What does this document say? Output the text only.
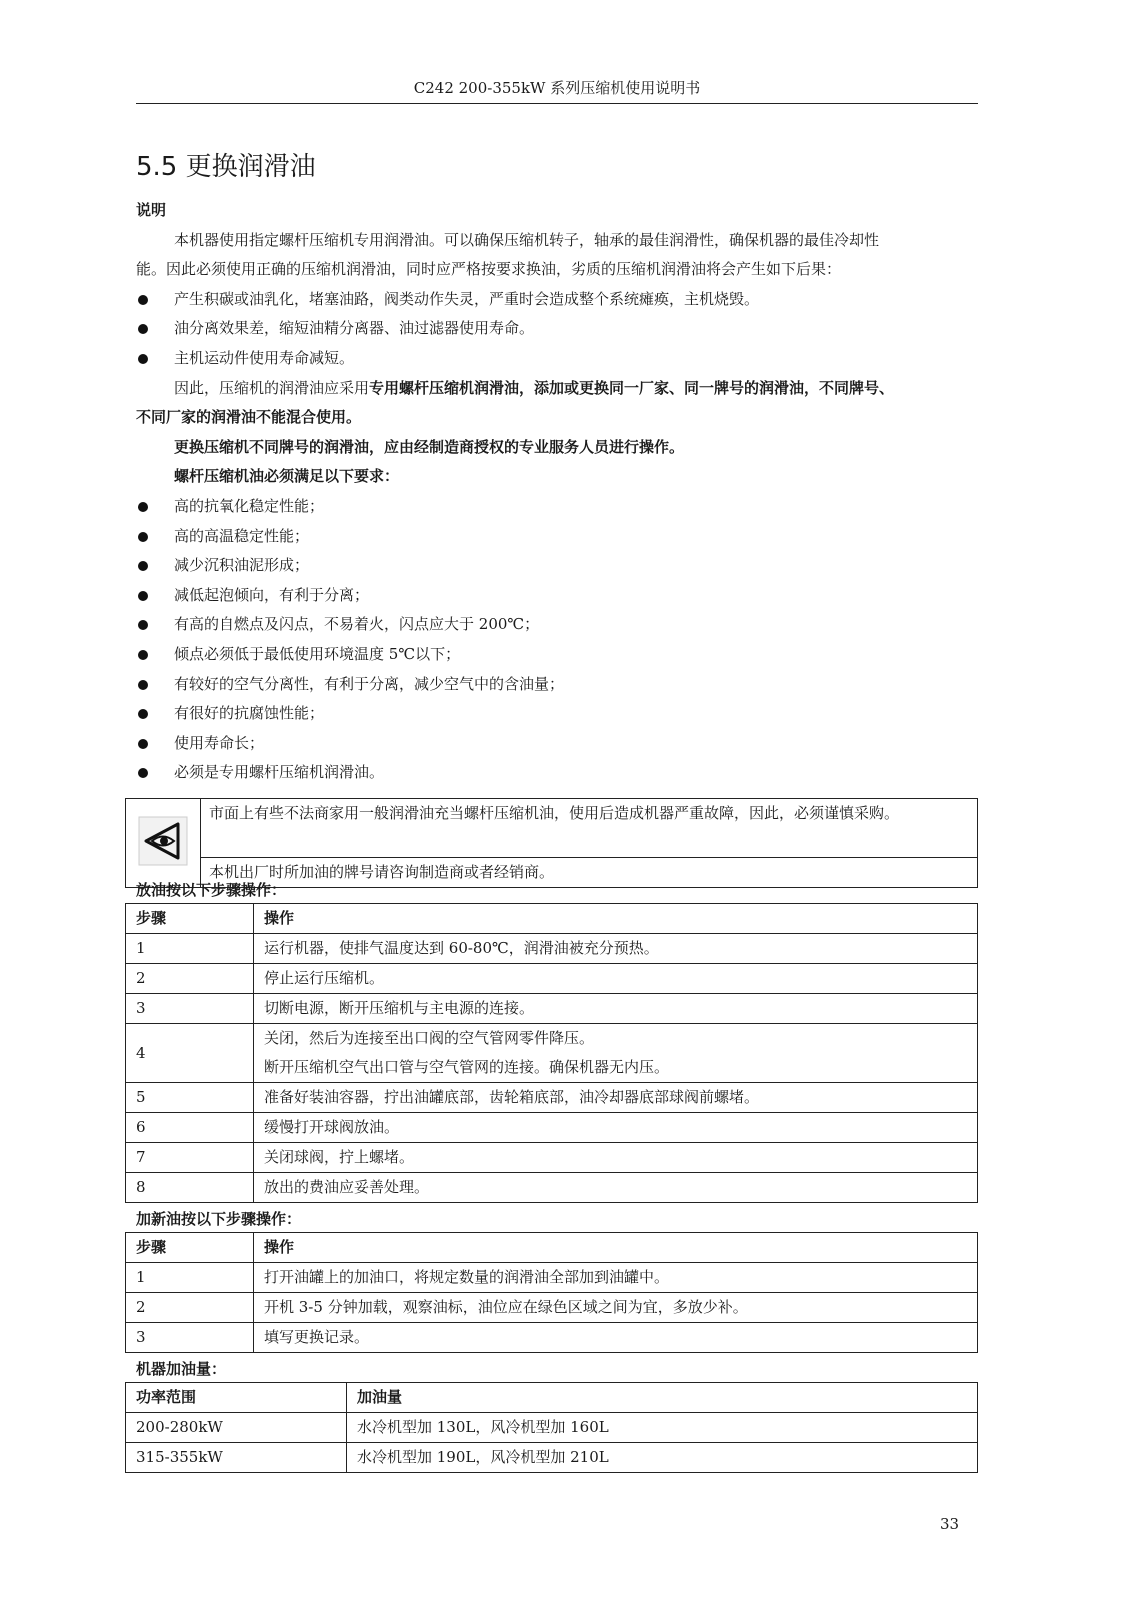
C242 200-355kW 系列压缩机使用说明书
5.5 更换润滑油
说明
本机器使用指定螺杆压缩机专用润滑油。可以确保压缩机转子，轴承的最佳润滑性，确保机器的最佳冷却性
能。因此必须使用正确的压缩机润滑油，同时应严格按要求换油，劣质的压缩机润滑油将会产生如下后果：
产生积碳或油乳化，堵塞油路，阀类动作失灵，严重时会造成整个系统瘫痪，主机烧毁。
油分离效果差，缩短油精分离器、油过滤器使用寿命。
主机运动件使用寿命减短。
因此，压缩机的润滑油应采用专用螺杆压缩机润滑油，添加或更换同一厂家、同一牌号的润滑油，不同牌号、
不同厂家的润滑油不能混合使用。
更换压缩机不同牌号的润滑油，应由经制造商授权的专业服务人员进行操作。
螺杆压缩机油必须满足以下要求：
高的抗氧化稳定性能；
高的高温稳定性能；
减少沉积油泥形成；
减低起泡倾向，有利于分离；
有高的自燃点及闪点，不易着火，闪点应大于 200℃；
倾点必须低于最低使用环境温度 5℃以下；
有较好的空气分离性，有利于分离，减少空气中的含油量；
有很好的抗腐蚀性能；
使用寿命长；
必须是专用螺杆压缩机润滑油。
	市面上有些不法商家用一般润滑油充当螺杆压缩机油，使用后造成机器严重故障，因此，必须谨慎采购。
本机出厂时所加油的牌号请咨询制造商或者经销商。
放油按以下步骤操作：
步骤	操作
1	运行机器，使排气温度达到 60-80℃，润滑油被充分预热。
2	停止运行压缩机。
3	切断电源，断开压缩机与主电源的连接。
4	关闭，然后为连接至出口阀的空气管网零件降压。
断开压缩机空气出口管与空气管网的连接。确保机器无内压。

5	准备好装油容器，拧出油罐底部，齿轮箱底部，油冷却器底部球阀前螺堵。
6	缓慢打开球阀放油。
7	关闭球阀，拧上螺堵。
8	放出的费油应妥善处理。
加新油按以下步骤操作：
步骤	操作
1	打开油罐上的加油口，将规定数量的润滑油全部加到油罐中。
2	开机 3-5 分钟加载，观察油标，油位应在绿色区域之间为宜，多放少补。
3	填写更换记录。
机器加油量：
功率范围	加油量
200-280kW	水冷机型加 130L，风冷机型加 160L
315-355kW	水冷机型加 190L，风冷机型加 210L
33
